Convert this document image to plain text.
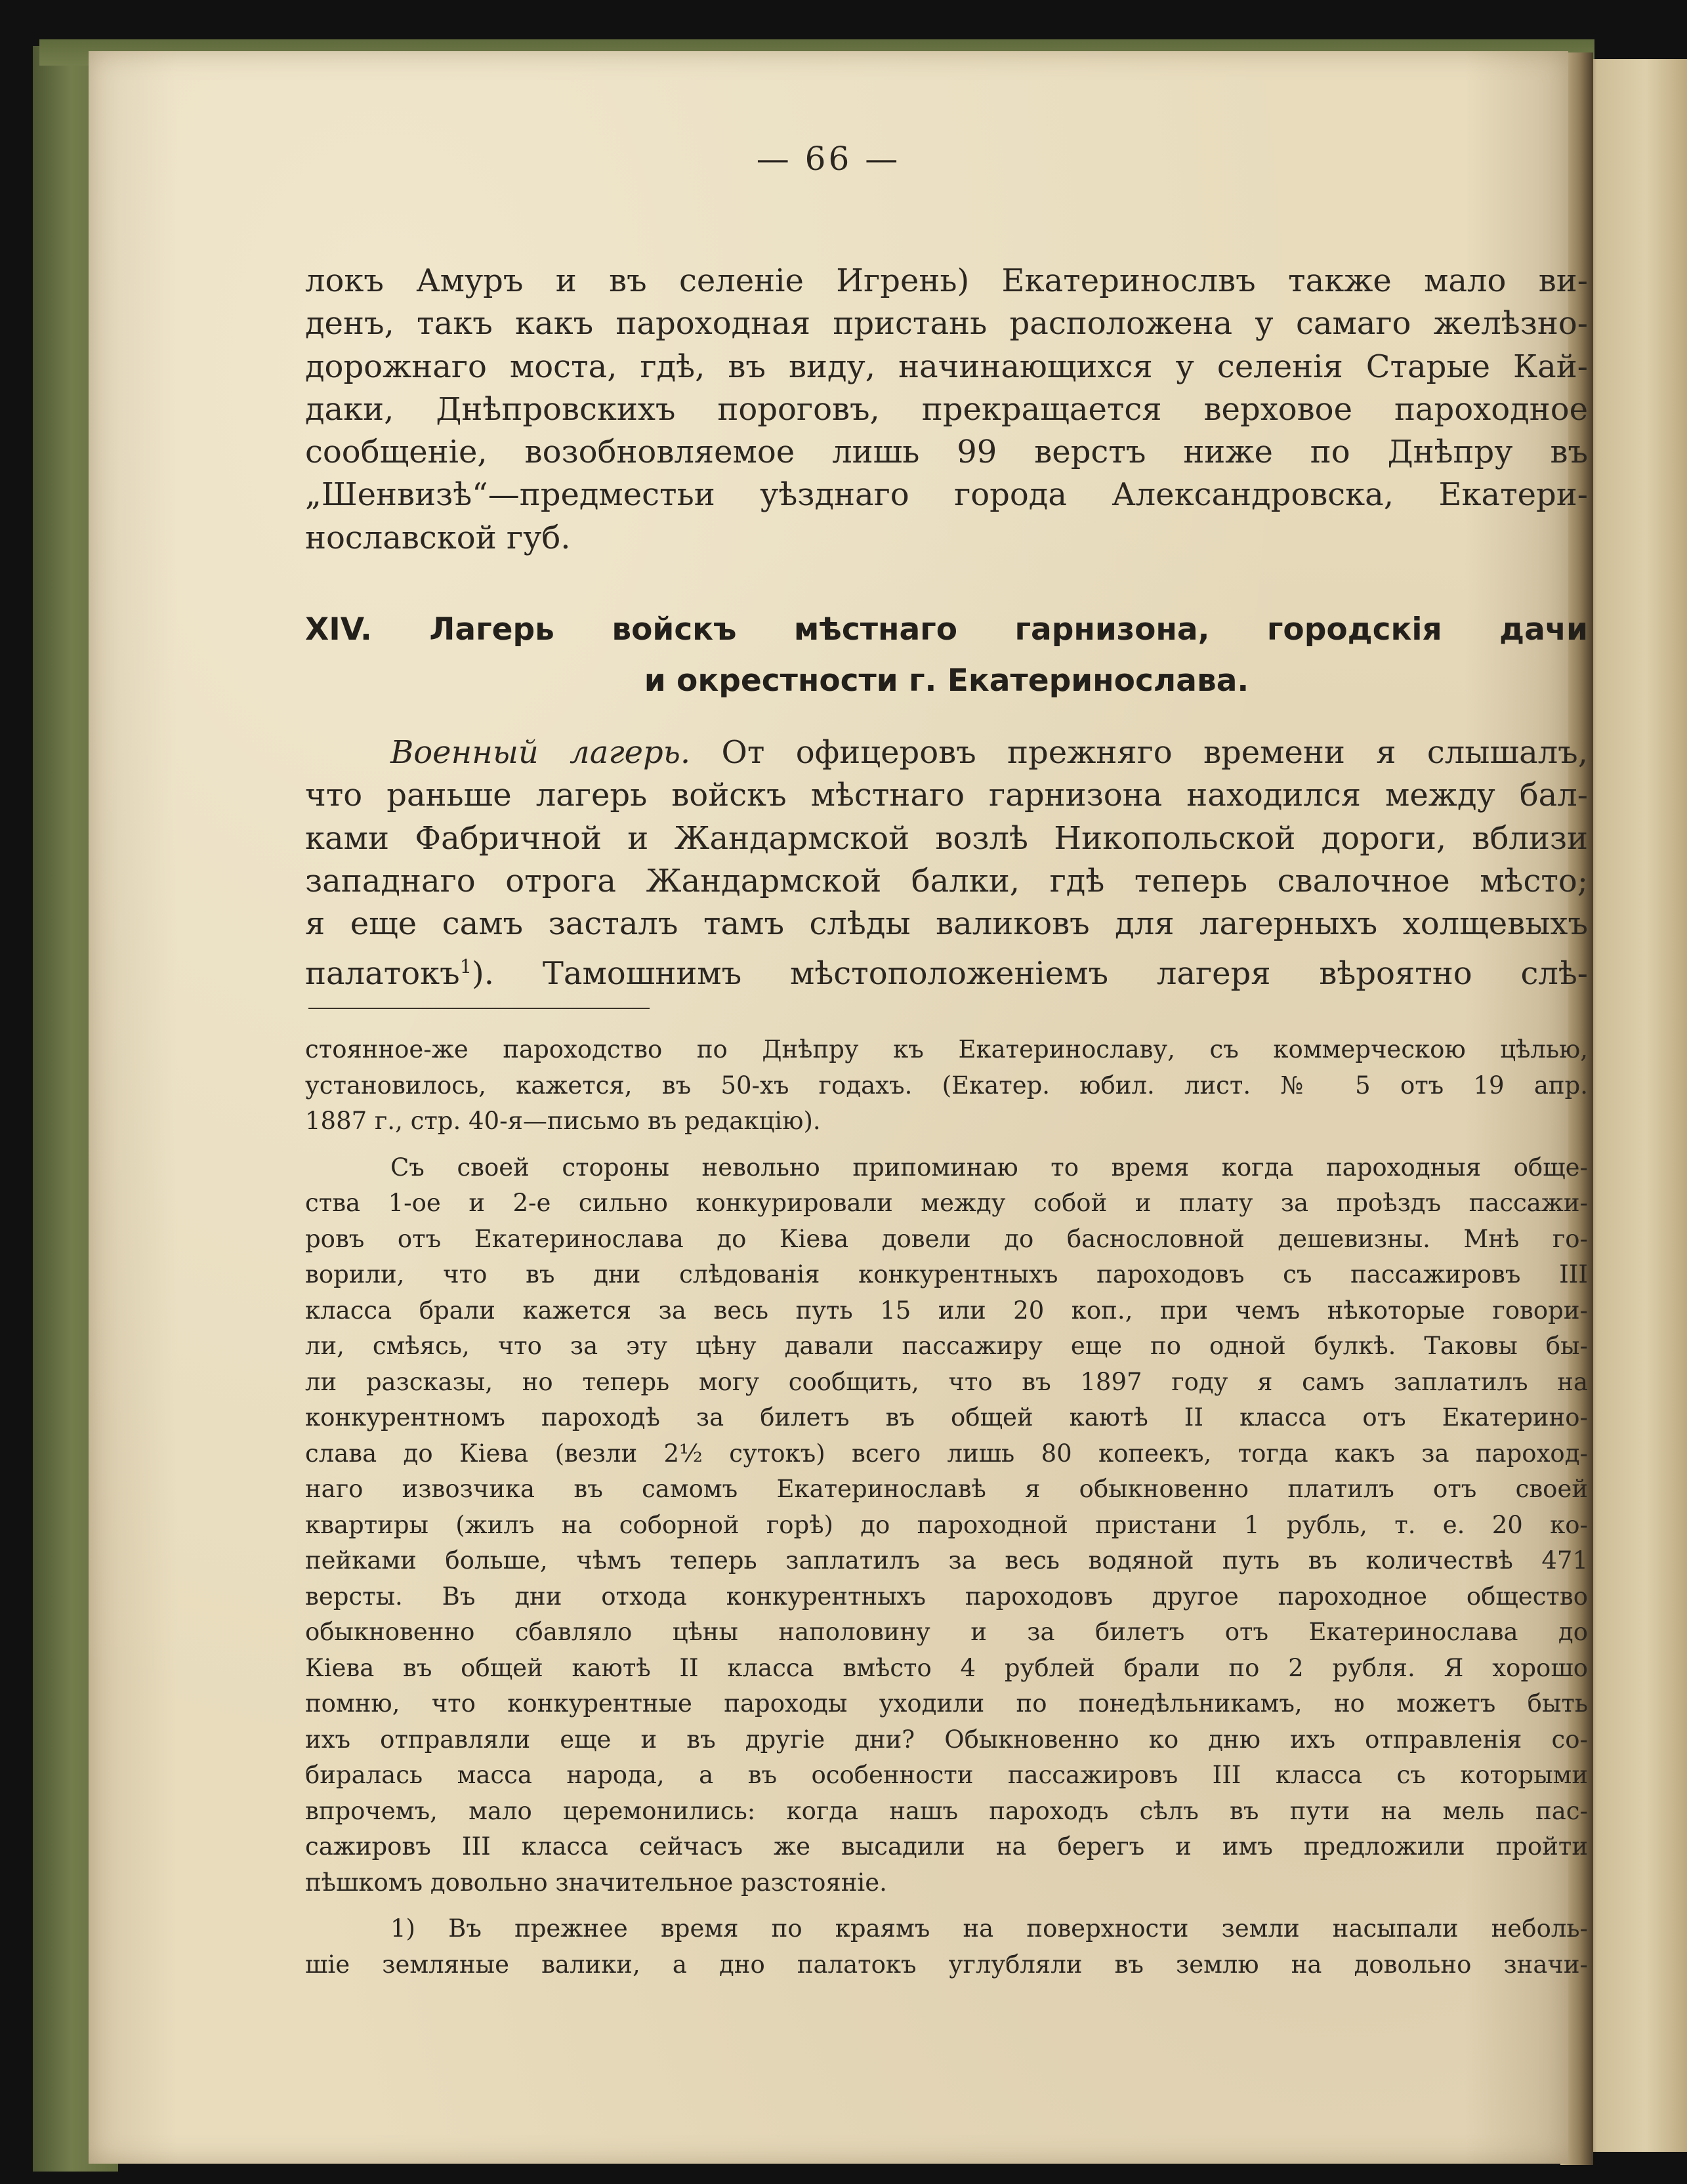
— 66 —
локъ Амуръ и въ селеніе Игрень) Екатеринослвъ также мало ви-
денъ, такъ какъ пароходная пристань расположена у самаго желѣзно-
дорожнаго моста, гдѣ, въ виду, начинающихся у селенія Старые Кай-
даки, Днѣпровскихъ пороговъ, прекращается верховое пароходное
сообщеніе, возобновляемое лишь 99 верстъ ниже по Днѣпру въ
„Шенвизѣ“—предместьи уѣзднаго города Александровска, Екатери-
нославской губ.
XIV. Лагерь войскъ мѣстнаго гарнизона, городскія дачи
и окрестности г. Екатеринослава.
Военный лагерь. От офицеровъ прежняго времени я слышалъ,
что раньше лагерь войскъ мѣстнаго гарнизона находился между бал-
ками Фабричной и Жандармской возлѣ Никопольской дороги, вблизи
западнаго отрога Жандармской балки, гдѣ теперь свалочное мѣсто;
я еще самъ засталъ тамъ слѣды валиковъ для лагерныхъ холщевыхъ
палатокъ$^1$). Тамошнимъ мѣстоположеніемъ лагеря вѣроятно слѣ-
стоянное-же пароходство по Днѣпру къ Екатеринославу, съ коммерческою цѣлью,
установилось, кажется, въ 50-хъ годахъ. (Екатер. юбил. лист. № 5 отъ 19 апр.
1887 г., стр. 40-я—письмо въ редакцію).
Съ своей стороны невольно припоминаю то время когда пароходныя обще-
ства 1-ое и 2-е сильно конкурировали между собой и плату за проѣздъ пассажи-
ровъ отъ Екатеринослава до Кіева довели до баснословной дешевизны. Мнѣ го-
ворили, что въ дни слѣдованія конкурентныхъ пароходовъ съ пассажировъ III
класса брали кажется за весь путь 15 или 20 коп., при чемъ нѣкоторые говори-
ли, смѣясь, что за эту цѣну давали пассажиру еще по одной булкѣ. Таковы бы-
ли разсказы, но теперь могу сообщить, что въ 1897 году я самъ заплатилъ на
конкурентномъ пароходѣ за билетъ въ общей каютѣ II класса отъ Екатерино-
слава до Кіева (везли 2½ сутокъ) всего лишь 80 копеекъ, тогда какъ за пароход-
наго извозчика въ самомъ Екатеринославѣ я обыкновенно платилъ отъ своей
квартиры (жилъ на соборной горѣ) до пароходной пристани 1 рубль, т. е. 20 ко-
пейками больше, чѣмъ теперь заплатилъ за весь водяной путь въ количествѣ 471
версты. Въ дни отхода конкурентныхъ пароходовъ другое пароходное общество
обыкновенно сбавляло цѣны наполовину и за билетъ отъ Екатеринослава до
Кіева въ общей каютѣ II класса вмѣсто 4 рублей брали по 2 рубля. Я хорошо
помню, что конкурентные пароходы уходили по понедѣльникамъ, но можетъ быть
ихъ отправляли еще и въ другіе дни? Обыкновенно ко дню ихъ отправленія со-
биралась масса народа, а въ особенности пассажировъ III класса съ которыми
впрочемъ, мало церемонились: когда нашъ пароходъ сѣлъ въ пути на мель пас-
сажировъ III класса сейчасъ же высадили на берегъ и имъ предложили пройти
пѣшкомъ довольно значительное разстояніе.
1) Въ прежнее время по краямъ на поверхности земли насыпали неболь-
шіе земляные валики, а дно палатокъ углубляли въ землю на довольно значи-
